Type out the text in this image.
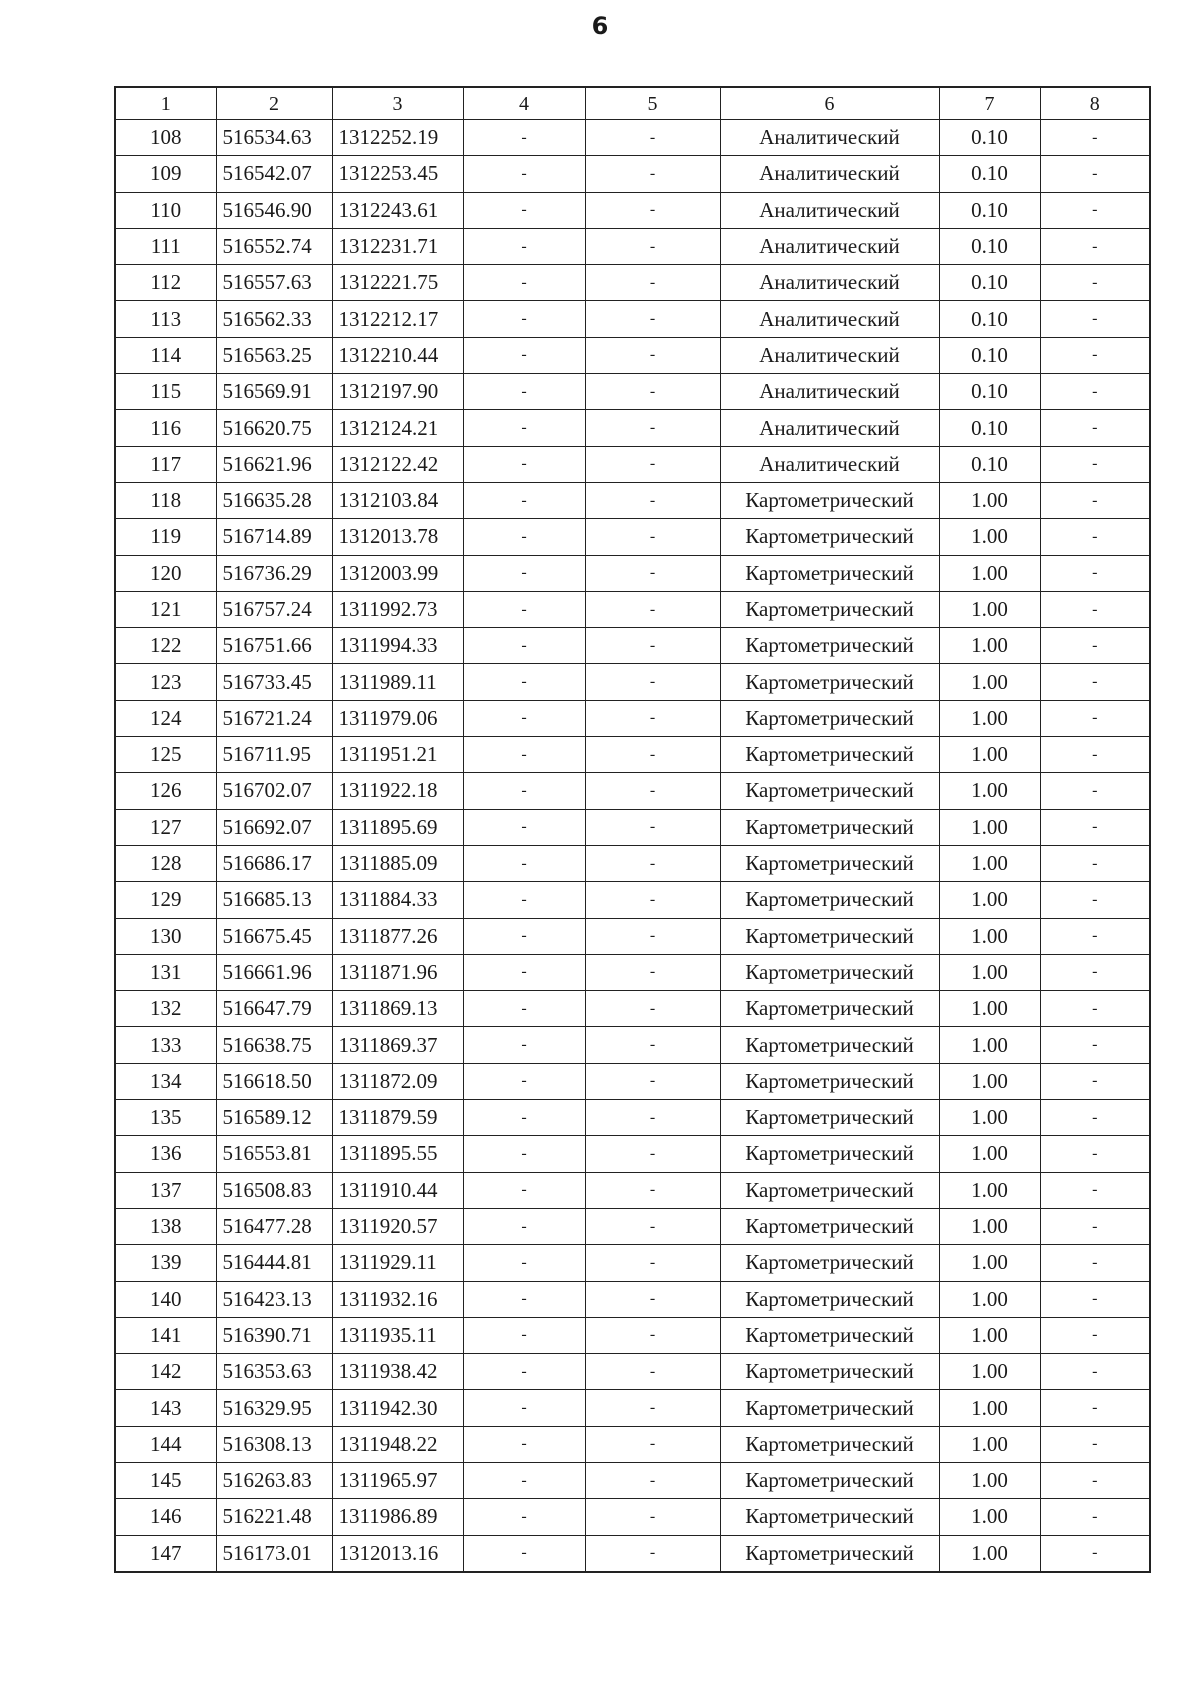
6
1	2	3	4	5	6	7	8
108	516534.63	1312252.19	-	-	Аналитический	0.10	-
109	516542.07	1312253.45	-	-	Аналитический	0.10	-
110	516546.90	1312243.61	-	-	Аналитический	0.10	-
111	516552.74	1312231.71	-	-	Аналитический	0.10	-
112	516557.63	1312221.75	-	-	Аналитический	0.10	-
113	516562.33	1312212.17	-	-	Аналитический	0.10	-
114	516563.25	1312210.44	-	-	Аналитический	0.10	-
115	516569.91	1312197.90	-	-	Аналитический	0.10	-
116	516620.75	1312124.21	-	-	Аналитический	0.10	-
117	516621.96	1312122.42	-	-	Аналитический	0.10	-
118	516635.28	1312103.84	-	-	Картометрический	1.00	-
119	516714.89	1312013.78	-	-	Картометрический	1.00	-
120	516736.29	1312003.99	-	-	Картометрический	1.00	-
121	516757.24	1311992.73	-	-	Картометрический	1.00	-
122	516751.66	1311994.33	-	-	Картометрический	1.00	-
123	516733.45	1311989.11	-	-	Картометрический	1.00	-
124	516721.24	1311979.06	-	-	Картометрический	1.00	-
125	516711.95	1311951.21	-	-	Картометрический	1.00	-
126	516702.07	1311922.18	-	-	Картометрический	1.00	-
127	516692.07	1311895.69	-	-	Картометрический	1.00	-
128	516686.17	1311885.09	-	-	Картометрический	1.00	-
129	516685.13	1311884.33	-	-	Картометрический	1.00	-
130	516675.45	1311877.26	-	-	Картометрический	1.00	-
131	516661.96	1311871.96	-	-	Картометрический	1.00	-
132	516647.79	1311869.13	-	-	Картометрический	1.00	-
133	516638.75	1311869.37	-	-	Картометрический	1.00	-
134	516618.50	1311872.09	-	-	Картометрический	1.00	-
135	516589.12	1311879.59	-	-	Картометрический	1.00	-
136	516553.81	1311895.55	-	-	Картометрический	1.00	-
137	516508.83	1311910.44	-	-	Картометрический	1.00	-
138	516477.28	1311920.57	-	-	Картометрический	1.00	-
139	516444.81	1311929.11	-	-	Картометрический	1.00	-
140	516423.13	1311932.16	-	-	Картометрический	1.00	-
141	516390.71	1311935.11	-	-	Картометрический	1.00	-
142	516353.63	1311938.42	-	-	Картометрический	1.00	-
143	516329.95	1311942.30	-	-	Картометрический	1.00	-
144	516308.13	1311948.22	-	-	Картометрический	1.00	-
145	516263.83	1311965.97	-	-	Картометрический	1.00	-
146	516221.48	1311986.89	-	-	Картометрический	1.00	-
147	516173.01	1312013.16	-	-	Картометрический	1.00	-
